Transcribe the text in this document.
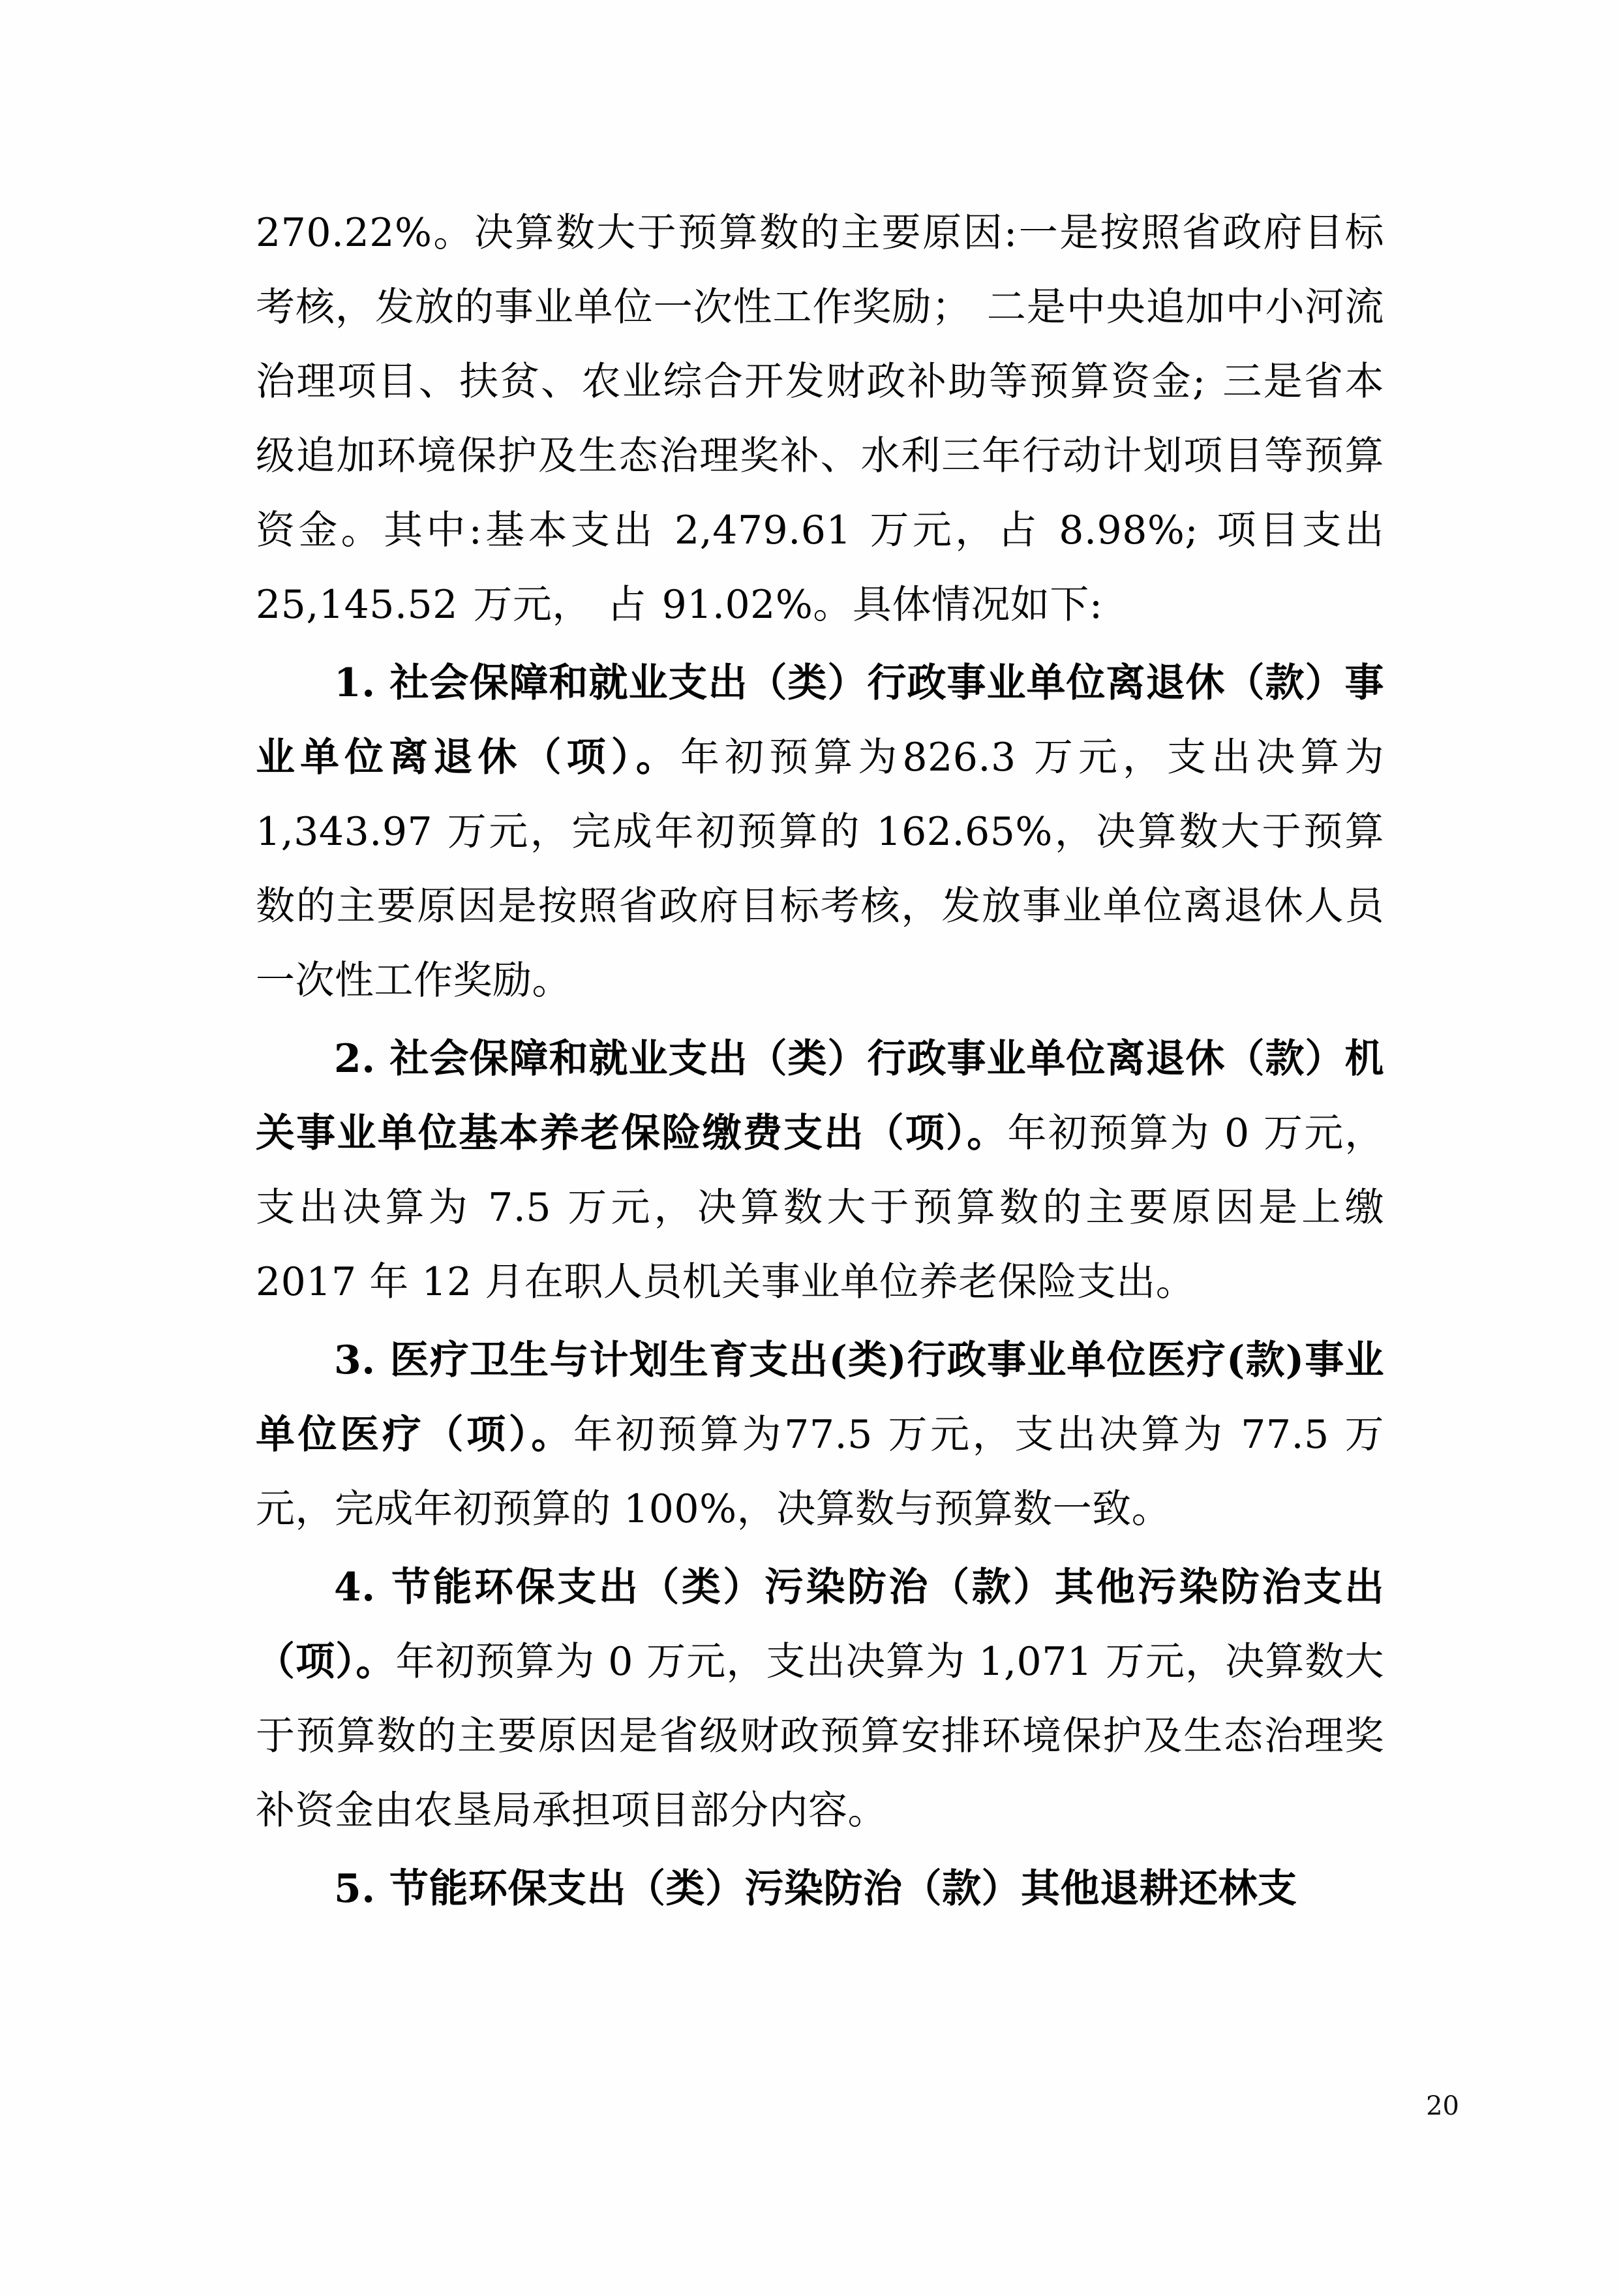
270.22%。决算数大于预算数的主要原因:一是按照省政府目标考核，发放的事业单位一次性工作奖励； 二是中央追加中小河流治理项目、扶贫、农业综合开发财政补助等预算资金; 三是省本级追加环境保护及生态治理奖补、水利三年行动计划项目等预算资金。其中:基本支出 2,479.61 万元，占 8.98%; 项目支出 25,145.52 万元， 占 91.02%。具体情况如下:

1. 社会保障和就业支出（类）行政事业单位离退休（款）事业单位离退休（项）。年初预算为826.3 万元，支出决算为 1,343.97 万元，完成年初预算的 162.65%，决算数大于预算数的主要原因是按照省政府目标考核，发放事业单位离退休人员一次性工作奖励。

2. 社会保障和就业支出（类）行政事业单位离退休（款）机关事业单位基本养老保险缴费支出（项）。年初预算为 0 万元，支出决算为 7.5 万元，决算数大于预算数的主要原因是上缴 2017 年 12 月在职人员机关事业单位养老保险支出。

3. 医疗卫生与计划生育支出(类)行政事业单位医疗(款)事业单位医疗（项）。年初预算为77.5 万元，支出决算为 77.5 万元，完成年初预算的 100%，决算数与预算数一致。

4. 节能环保支出（类）污染防治（款）其他污染防治支出（项）。年初预算为 0 万元，支出决算为 1,071 万元，决算数大于预算数的主要原因是省级财政预算安排环境保护及生态治理奖补资金由农垦局承担项目部分内容。

5. 节能环保支出（类）污染防治（款）其他退耕还林支

20
